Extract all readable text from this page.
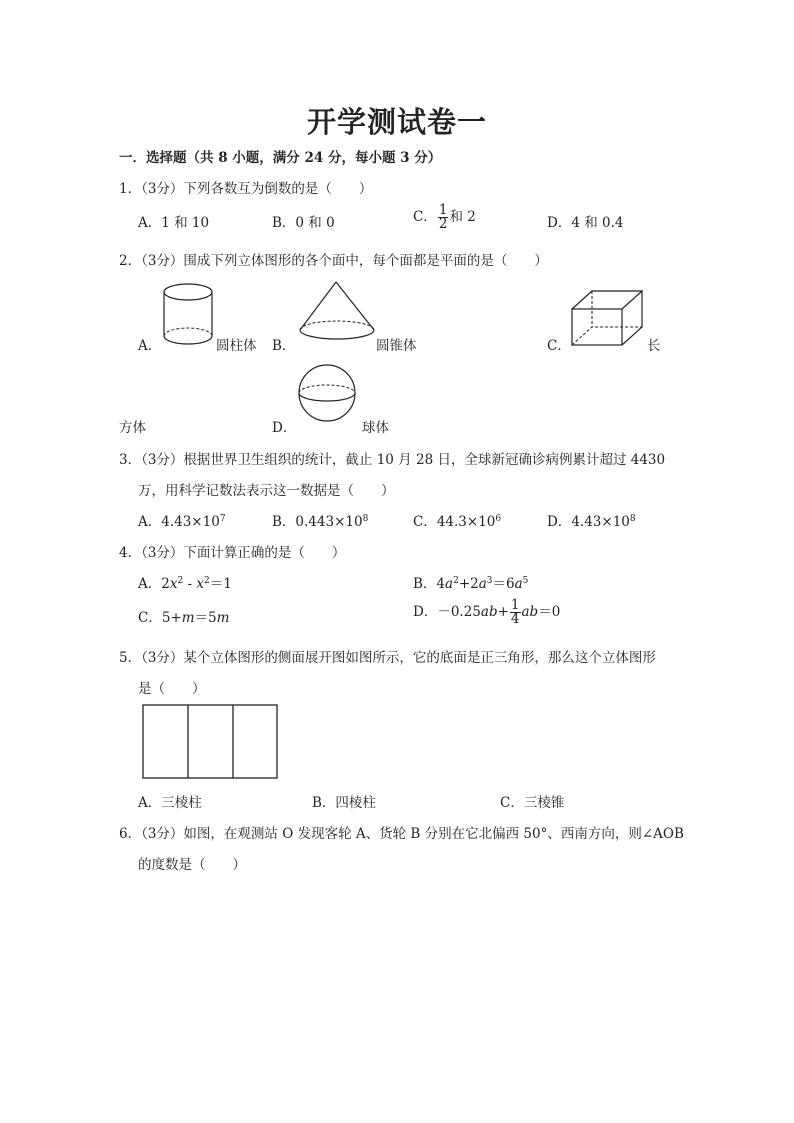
开学测试卷一
一．选择题（共 8 小题，满分 24 分，每小题 3 分）
1．（3分）下列各数互为倒数的是（　　）
A．1 和 10	B．0 和 0	C． $\frac{1}{2}$ 和 2	D．4 和 0.4
2．（3分）围成下列立体图形的各个面中，每个面都是平面的是（　　）
A．	圆柱体 B．	圆锥体	C．	长
方体	D．	球体
3．（3分）根据世界卫生组织的统计，截止 10 月 28 日，全球新冠确诊病例累计超过 4430
万，用科学记数法表示这一数据是（　　）
A．$4.43\times 10^7$	B．$0.443\times 10^8$	C．$44.3\times 10^6$	D．$4.43\times 10^8$
4．（3分）下面计算正确的是（　　）
A．$2x^2 - x^2=1$	B．$4a^2+2a^3=6a^5$
C．5+m＝5m	D．$-0.25ab+ \frac{1}{4} ab=0$
5．（3分）某个立体图形的侧面展开图如图所示，它的底面是正三角形，那么这个立体图形
是（　　）
A．三棱柱	B．四棱柱	C．三棱锥
6．（3分）如图，在观测站 O 发现客轮 A、货轮 B 分别在它北偏西 50°、西南方向，则∠AOB
的度数是（　　）
